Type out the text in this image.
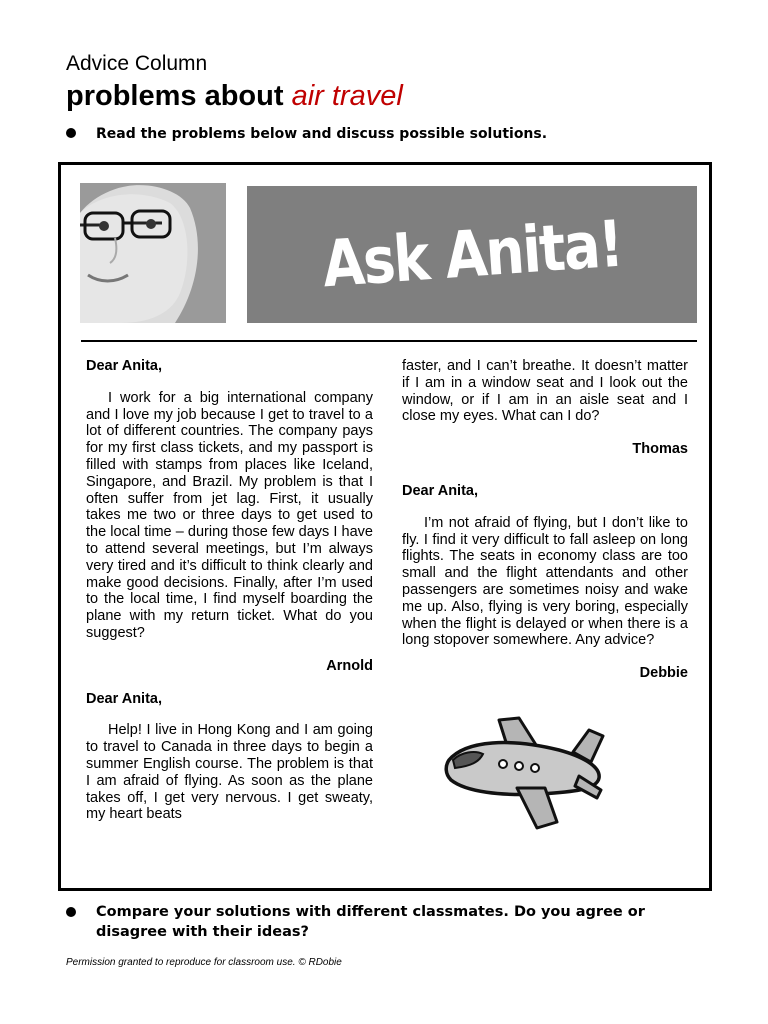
Advice Column
problems about air travel
Read the problems below and discuss possible solutions.
Ask Anita!

Dear Anita,

I work for a big international company and I love my job because I get to travel to a lot of different countries. The company pays for my first class tickets, and my passport is filled with stamps from places like Iceland, Singapore, and Brazil. My problem is that I often suffer from jet lag. First, it usually takes me two or three days to get used to the local time – during those few days I have to attend several meetings, but I’m always very tired and it’s difficult to think clearly and make good decisions. Finally, after I’m used to the local time, I find myself boarding the plane with my return ticket. What do you suggest?

Arnold

Dear Anita,

Help! I live in Hong Kong and I am going to travel to Canada in three days to begin a summer English course. The problem is that I am afraid of flying. As soon as the plane takes off, I get very nervous. I get sweaty, my heart beats

faster, and I can’t breathe. It doesn’t matter if I am in a window seat and I look out the window, or if I am in an aisle seat and I close my eyes. What can I do?

Thomas

Dear Anita,

I’m not afraid of flying, but I don’t like to fly. I find it very difficult to fall asleep on long flights. The seats in economy class are too small and the flight attendants and other passengers are sometimes noisy and wake me up. Also, flying is very boring, especially when the flight is delayed or when there is a long stopover somewhere. Any advice?

Debbie

Compare your solutions with different classmates. Do you agree or disagree with their ideas?
Permission granted to reproduce for classroom use. © RDobie
